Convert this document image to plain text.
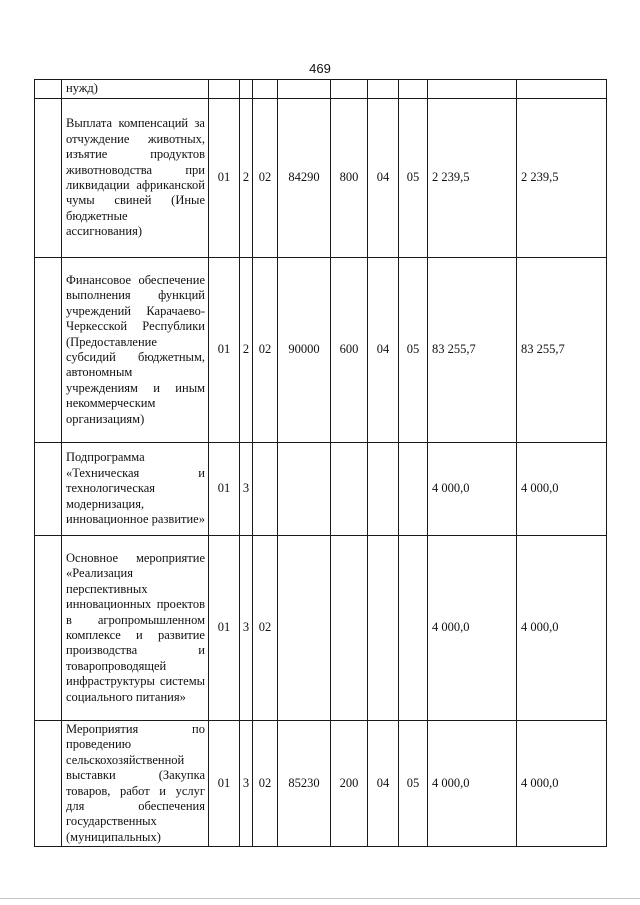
469
	нужд)									
	Выплата компенсаций за отчуждение животных, изъятие продуктов животноводства при ликвидации африканской чумы свиней (Иные бюджетные ассигнования)	01	2	02	84290	800	04	05	2 239,5	2 239,5
	Финансовое обеспечение выполнения функций учреждений Карачаево-Черкесской Республики (Предоставление субсидий бюджетным, автономным учреждениям и иным некоммерческим организациям)	01	2	02	90000	600	04	05	83 255,7	83 255,7
	Подпрограмма «Техническая и технологическая модернизация, инновационное развитие»	01	3						4 000,0	4 000,0
	Основное мероприятие «Реализация перспективных инновационных проектов в агропромышленном комплексе и развитие производства и товаропроводящей инфраструктуры системы социального питания»	01	3	02					4 000,0	4 000,0
	Мероприятия по проведению сельскохозяйственной выставки (Закупка товаров, работ и услуг для обеспечения государственных (муниципальных)	01	3	02	85230	200	04	05	4 000,0	4 000,0
